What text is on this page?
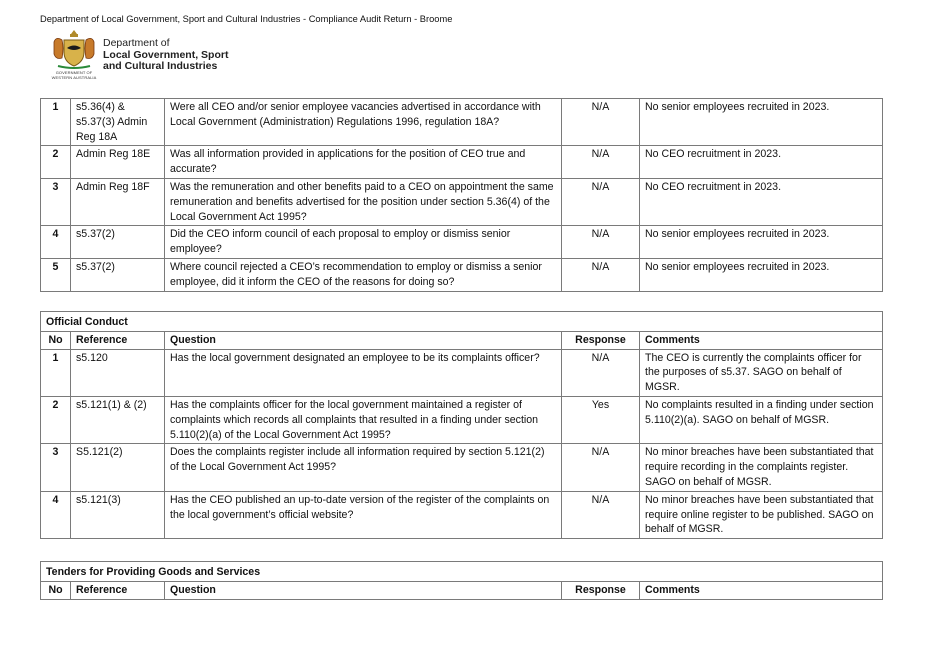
Department of Local Government, Sport and Cultural Industries - Compliance Audit Return - Broome
GOVERNMENT OF WESTERN AUSTRALIA
Department of
Local Government, Sport
and Cultural Industries
1	s5.36(4) & s5.37(3) Admin Reg 18A	Were all CEO and/or senior employee vacancies advertised in accordance with Local Government (Administration) Regulations 1996, regulation 18A?	N/A	No senior employees recruited in 2023.
2	Admin Reg 18E	Was all information provided in applications for the position of CEO true and accurate?	N/A	No CEO recruitment in 2023.
3	Admin Reg 18F	Was the remuneration and other benefits paid to a CEO on appointment the same remuneration and benefits advertised for the position under section 5.36(4) of the Local Government Act 1995?	N/A	No CEO recruitment in 2023.
4	s5.37(2)	Did the CEO inform council of each proposal to employ or dismiss senior employee?	N/A	No senior employees recruited in 2023.
5	s5.37(2)	Where council rejected a CEO’s recommendation to employ or dismiss a senior employee, did it inform the CEO of the reasons for doing so?	N/A	No senior employees recruited in 2023.
Official Conduct				
No	Reference	Question	Response	Comments
1	s5.120	Has the local government designated an employee to be its complaints officer?	N/A	The CEO is currently the complaints officer for the purposes of s5.37. SAGO on behalf of MGSR.
2	s5.121(1) & (2)	Has the complaints officer for the local government maintained a register of complaints which records all complaints that resulted in a finding under section 5.110(2)(a) of the Local Government Act 1995?	Yes	No complaints resulted in a finding under section 5.110(2)(a). SAGO on behalf of MGSR.
3	S5.121(2)	Does the complaints register include all information required by section 5.121(2) of the Local Government Act 1995?	N/A	No minor breaches have been substantiated that require recording in the complaints register. SAGO on behalf of MGSR.
4	s5.121(3)	Has the CEO published an up-to-date version of the register of the complaints on the local government’s official website?	N/A	No minor breaches have been substantiated that require online register to be published. SAGO on behalf of MGSR.
Tenders for Providing Goods and Services
No	Reference	Question	Response	Comments
